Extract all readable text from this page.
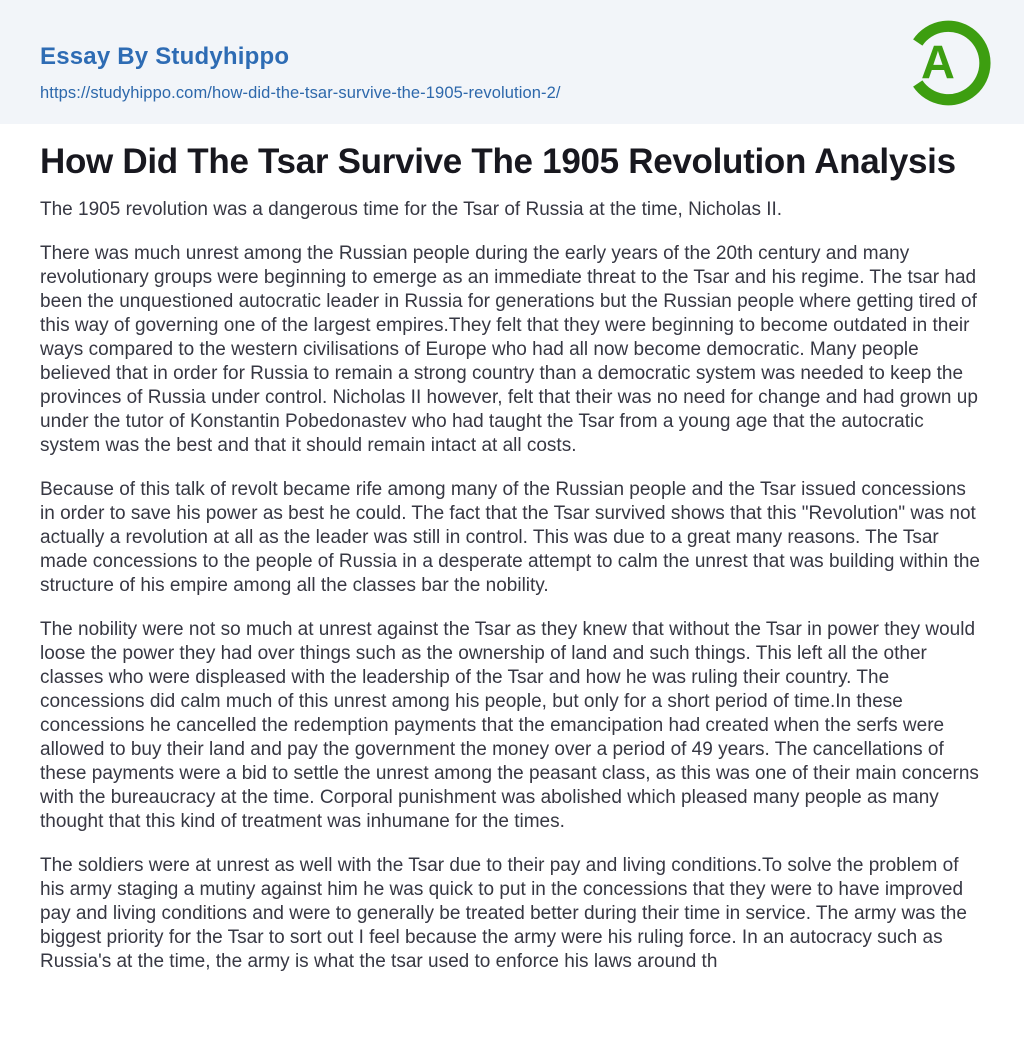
Essay By Studyhippo
https://studyhippo.com/how-did-the-tsar-survive-the-1905-revolution-2/
A
How Did The Tsar Survive The 1905 Revolution Analysis

The 1905 revolution was a dangerous time for the Tsar of Russia at the time, Nicholas II.

There was much unrest among the Russian people during the early years of the 20th century and many revolutionary groups were beginning to emerge as an immediate threat to the Tsar and his regime. The tsar had been the unquestioned autocratic leader in Russia for generations but the Russian people where getting tired of this way of governing one of the largest empires.They felt that they were beginning to become outdated in their ways compared to the western civilisations of Europe who had all now become democratic. Many people believed that in order for Russia to remain a strong country than a democratic system was needed to keep the provinces of Russia under control. Nicholas II however, felt that their was no need for change and had grown up under the tutor of Konstantin Pobedonastev who had taught the Tsar from a young age that the autocratic system was the best and that it should remain intact at all costs.

Because of this talk of revolt became rife among many of the Russian people and the Tsar issued concessions in order to save his power as best he could. The fact that the Tsar survived shows that this "Revolution" was not actually a revolution at all as the leader was still in control. This was due to a great many reasons. The Tsar made concessions to the people of Russia in a desperate attempt to calm the unrest that was building within the structure of his empire among all the classes bar the nobility.

The nobility were not so much at unrest against the Tsar as they knew that without the Tsar in power they would loose the power they had over things such as the ownership of land and such things. This left all the other classes who were displeased with the leadership of the Tsar and how he was ruling their country. The concessions did calm much of this unrest among his people, but only for a short period of time.In these concessions he cancelled the redemption payments that the emancipation had created when the serfs were allowed to buy their land and pay the government the money over a period of 49 years. The cancellations of these payments were a bid to settle the unrest among the peasant class, as this was one of their main concerns with the bureaucracy at the time. Corporal punishment was abolished which pleased many people as many thought that this kind of treatment was inhumane for the times.

The soldiers were at unrest as well with the Tsar due to their pay and living conditions.To solve the problem of his army staging a mutiny against him he was quick to put in the concessions that they were to have improved pay and living conditions and were to generally be treated better during their time in service. The army was the biggest priority for the Tsar to sort out I feel because the army were his ruling force. In an autocracy such as Russia's at the time, the army is what the tsar used to enforce his laws around th
